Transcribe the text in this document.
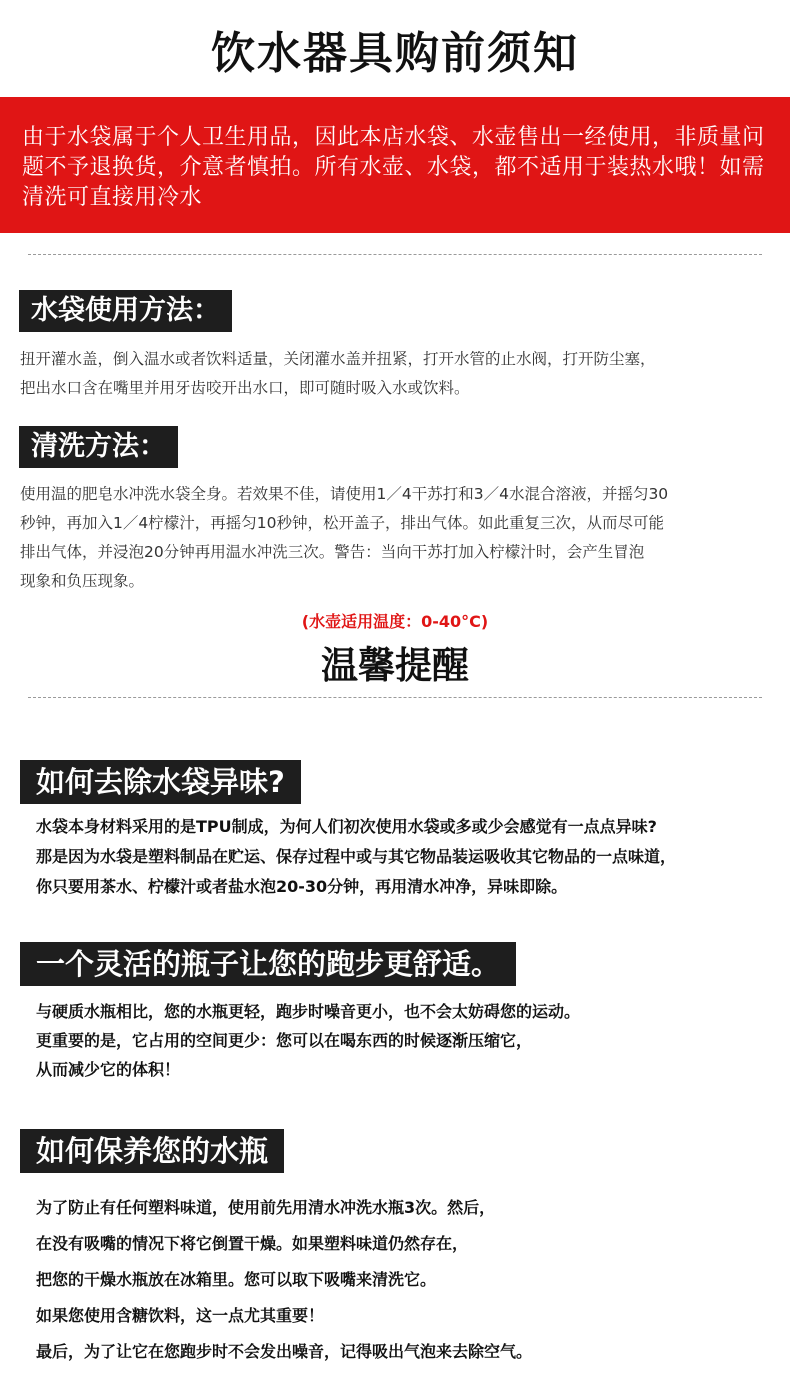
饮水器具购前须知

由于水袋属于个人卫生用品，因此本店水袋、水壶售出一经使用，非质量问题不予退换货，介意者慎拍。所有水壶、水袋，都不适用于装热水哦！如需清洗可直接用冷水

水袋使用方法：

扭开灌水盖，倒入温水或者饮料适量，关闭灌水盖并扭紧，打开水管的止水阀，打开防尘塞，

把出水口含在嘴里并用牙齿咬开出水口，即可随时吸入水或饮料。

清洗方法：

使用温的肥皂水冲洗水袋全身。若效果不佳，请使用1／4干苏打和3／4水混合溶液，并摇匀30

秒钟，再加入1／4柠檬汁，再摇匀10秒钟，松开盖子，排出气体。如此重复三次，从而尽可能

排出气体，并浸泡20分钟再用温水冲洗三次。警告：当向干苏打加入柠檬汁时，会产生冒泡

现象和负压现象。

(水壶适用温度：0-40°C)
温馨提醒
如何去除水袋异味?

水袋本身材料采用的是TPU制成，为何人们初次使用水袋或多或少会感觉有一点点异味?

那是因为水袋是塑料制品在贮运、保存过程中或与其它物品装运吸收其它物品的一点味道，

你只要用茶水、柠檬汁或者盐水泡20-30分钟，再用清水冲净，异味即除。

一个灵活的瓶子让您的跑步更舒适。

与硬质水瓶相比，您的水瓶更轻，跑步时噪音更小，也不会太妨碍您的运动。

更重要的是，它占用的空间更少：您可以在喝东西的时候逐渐压缩它，

从而减少它的体积！

如何保养您的水瓶

为了防止有任何塑料味道，使用前先用清水冲洗水瓶3次。然后，

在没有吸嘴的情况下将它倒置干燥。如果塑料味道仍然存在，

把您的干燥水瓶放在冰箱里。您可以取下吸嘴来清洗它。

如果您使用含糖饮料，这一点尤其重要！

最后，为了让它在您跑步时不会发出噪音，记得吸出气泡来去除空气。
